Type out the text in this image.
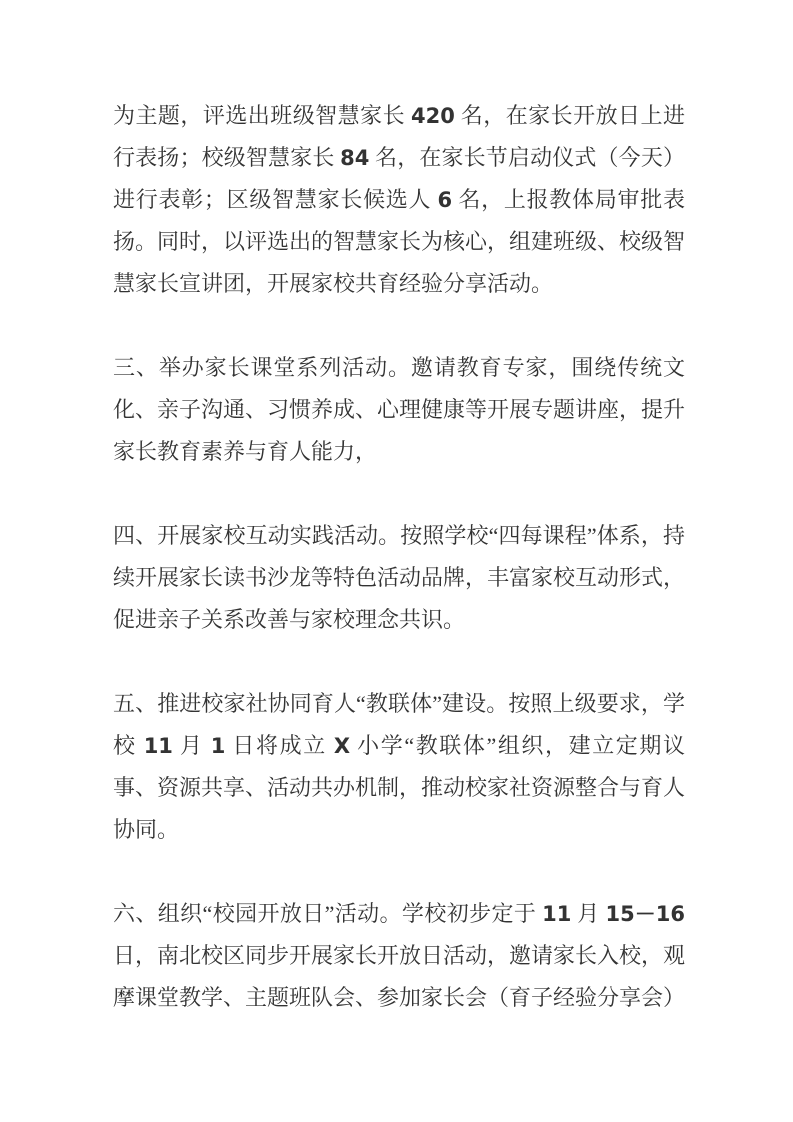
为主题，评选出班级智慧家长 420 名，在家长开放日上进行表扬；校级智慧家长 84 名，在家长节启动仪式（今天）进行表彰；区级智慧家长候选人 6 名，上报教体局审批表扬。同时，以评选出的智慧家长为核心，组建班级、校级智慧家长宣讲团，开展家校共育经验分享活动。

三、举办家长课堂系列活动。邀请教育专家，围绕传统文化、亲子沟通、习惯养成、心理健康等开展专题讲座，提升家长教育素养与育人能力，

四、开展家校互动实践活动。按照学校“四每课程”体系，持续开展家长读书沙龙等特色活动品牌，丰富家校互动形式，促进亲子关系改善与家校理念共识。

五、推进校家社协同育人“教联体”建设。按照上级要求，学校 11 月 1 日将成立 X 小学“教联体”组织，建立定期议事、资源共享、活动共办机制，推动校家社资源整合与育人协同。

六、组织“校园开放日”活动。学校初步定于 11 月 15－16 日，南北校区同步开展家长开放日活动，邀请家长入校，观摩课堂教学、主题班队会、参加家长会（育子经验分享会）
